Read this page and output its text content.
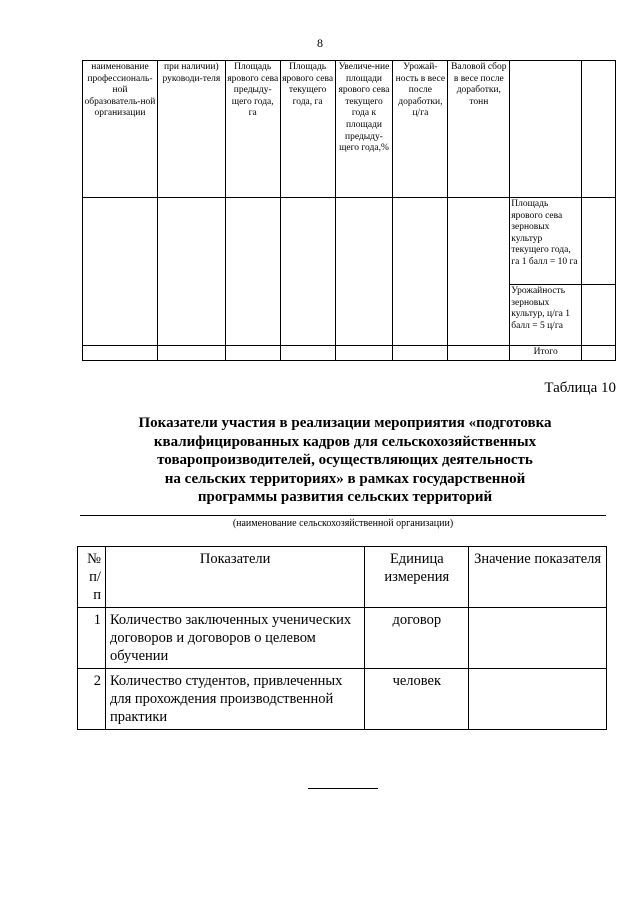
8
наименование профессиональ-ной образователь-ной организации	при наличии) руководи-теля	Площадь ярового сева предыду-щего года, га	Площадь ярового сева текущего года, га	Увеличе-ние площади ярового сева текущего года к площади предыду-щего года,%	Урожай-ность в весе после доработки, ц/га	Валовой сбор в весе после доработки, тонн		
							Площадь ярового сева зерновых культур текущего года, га 1 балл = 10 га	
							Урожайность зерновых культур, ц/га 1 балл = 5 ц/га	
							Итого	
Таблица 10
Показатели участия в реализации мероприятия «подготовка
квалифицированных кадров для сельскохозяйственных
товаропроизводителей, осуществляющих деятельность
на сельских территориях» в рамках государственной
программы развития сельских территорий
(наименование сельскохозяйственной организации)
№ п/п	Показатели	Единица измерения	Значение показателя
1	Количество заключенных ученических договоров и договоров о целевом обучении	договор	
2	Количество студентов, привлеченных для прохождения производственной практики	человек	
